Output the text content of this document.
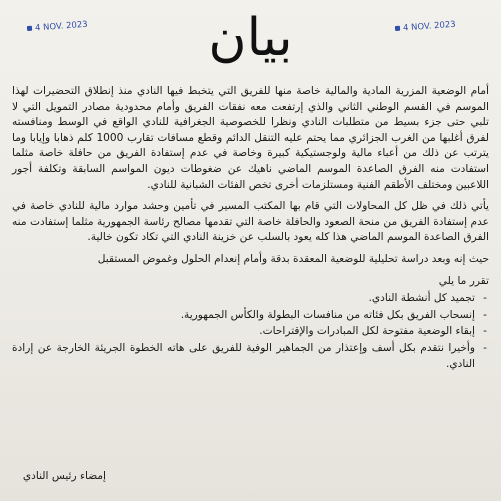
4 NOV. 2023	بيان	4 NOV. 2023

أمام الوضعية المزرية المادية والمالية خاصة منها للفريق التي يتخبط فيها النادي منذ إنطلاق التحضيرات لهذا الموسم في القسم الوطني الثاني والذي إرتفعت معه نفقات الفريق وأمام محدودية مصادر التمويل التي لا تلبي حتى جزء بسيط من متطلبات النادي ونظرا للخصوصية الجغرافية للنادي الواقع في الوسط ومنافسته لفرق أغلبها من الغرب الجزائري مما يحتم عليه التنقل الدائم وقطع مسافات تقارب 1000 كلم ذهابا وإيابا وما يترتب عن ذلك من أعباء مالية ولوجستيكية كبيرة وخاصة في عدم إستفادة الفريق من حافلة خاصة مثلما استفادت منه الفرق الصاعدة الموسم الماضي ناهيك عن ضغوطات ديون المواسم السابقة وتكلفة أجور اللاعبين ومختلف الأطقم الفنية ومستلزمات أخرى تخص الفئات الشبانية للنادي.

يأتي ذلك في ظل كل المحاولات التي قام بها المكتب المسير في تأمين وحشد موارد مالية للنادي خاصة في عدم إستفادة الفريق من منحة الصعود والحافلة خاصة التي تقدمها مصالح رئاسة الجمهورية مثلما إستفادت منه الفرق الصاعدة الموسم الماضي هذا كله يعود بالسلب عن خزينة النادي التي تكاد تكون خالية.

حيث إنه وبعد دراسة تحليلية للوضعية المعقدة بدقة وأمام إنعدام الحلول وغموض المستقبل

تقرر ما يلي
- تجميد كل أنشطة النادي.
- إنسحاب الفريق بكل فئاته من منافسات البطولة والكأس الجمهورية.
- إبقاء الوضعية مفتوحة لكل المبادرات والإقتراحات.
- وأخيرا نتقدم بكل أسف وإعتذار من الجماهير الوفية للفريق على هاته الخطوة الجريئة الخارجة عن إرادة النادي.
إمضاء رئيس النادي
